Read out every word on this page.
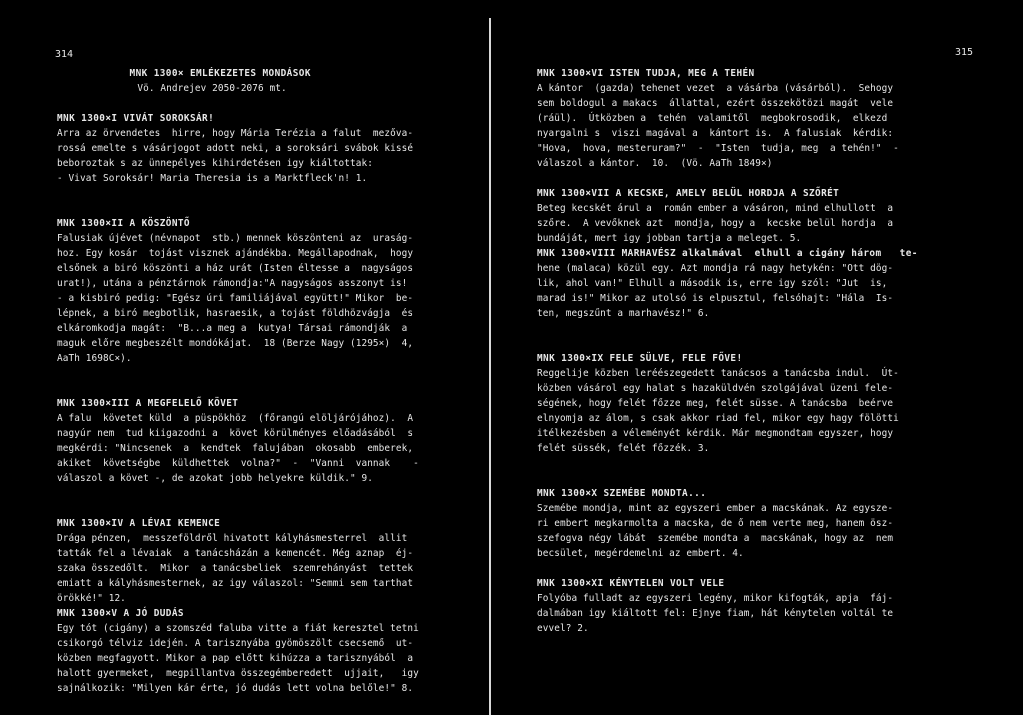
314	315
MNK 1300× EMLÉKEZETES MONDÁSOK
Vö. Andrejev 2050-2076 mt.
MNK 1300×I VIVÁT SOROKSÁR!
Arra az örvendetes  hirre, hogy Mária Terézia a falut  mezőva-
rossá emelte s vásárjogot adott neki, a soroksári svábok kissé
beboroztak s az ünnepélyes kihirdetésen igy kiáltottak:
- Vivat Soroksár! Maria Theresia is a Marktfleck'n! 1.
MNK 1300×II A KÖSZÖNTŐ
Falusiak újévet (névnapot  stb.) mennek köszönteni az  uraság-
hoz. Egy kosár  tojást visznek ajándékba. Megállapodnak,  hogy
elsőnek a biró köszönti a ház urát (Isten éltesse a  nagyságos
urat!), utána a pénztárnok rámondja:"A nagyságos asszonyt is!
- a kisbiró pedig: "Egész úri familiájával együtt!" Mikor  be-
lépnek, a biró megbotlik, hasraesik, a tojást földhözvágja  és
elkáromkodja magát:  "B...a meg a  kutya! Társai rámondják  a
maguk előre megbeszélt mondókájat.  18 (Berze Nagy (1295×)  4,
AaTh 1698C×).
MNK 1300×III A MEGFELELŐ KÖVET
A falu  követet küld  a püspökhöz  (főrangú elöljárójához).  A
nagyúr nem  tud kiigazodni a  követ körülményes előadásából  s
megkérdi: "Nincsenek  a  kendtek  falujában  okosabb  emberek,
akiket  követségbe  küldhettek  volna?"  -  "Vanni  vannak    -
válaszol a követ -, de azokat jobb helyekre küldik." 9.
MNK 1300×IV A LÉVAI KEMENCE
Drága pénzen,  messzeföldről hivatott kályhásmesterrel  allit
tatták fel a lévaiak  a tanácsházán a kemencét. Még aznap  éj-
szaka összedőlt.  Mikor  a tanácsbeliek  szemrehányást  tettek
emiatt a kályhásmesternek, az igy válaszol: "Semmi sem tarthat
örökké!" 12.
MNK 1300×V A JÓ DUDÁS
Egy tót (cigány) a szomszéd faluba vitte a fiát keresztel tetni
csikorgó télviz idején. A tarisznyába gyömöszölt csecsemő  ut-
közben megfagyott. Mikor a pap előtt kihúzza a tarisznyából  a
halott gyermeket,  megpillantva összegémberedett  ujjait,   igy
sajnálkozik: "Milyen kár érte, jó dudás lett volna belőle!" 8.
MNK 1300×VI ISTEN TUDJA, MEG A TEHÉN
A kántor  (gazda) tehenet vezet  a vásárba (vásárból).  Sehogy
sem boldogul a makacs  állattal, ezért összekötözi magát  vele
(ráül).  Útközben a  tehén  valamitől  megbokrosodik,  elkezd
nyargalni s  viszi magával a  kántort is.  A falusiak  kérdik:
"Hova,  hova, mesteruram?"  -  "Isten  tudja, meg  a tehén!"  -
válaszol a kántor.  10.  (Vö. AaTh 1849×)
MNK 1300×VII A KECSKE, AMELY BELÜL HORDJA A SZŐRÉT
Beteg kecskét árul a  román ember a vásáron, mind elhullott  a
szőre.  A vevőknek azt  mondja, hogy a  kecske belül hordja  a
bundáját, mert igy jobban tartja a meleget. 5.
MNK 1300×VIII MARHAVÉSZ alkalmával  elhull a cigány három   te-
hene (malaca) közül egy. Azt mondja rá nagy hetykén: "Ott dög-
lik, ahol van!" Elhull a második is, erre igy szól: "Jut  is,
marad is!" Mikor az utolsó is elpusztul, felsóhajt: "Hála  Is-
ten, megszűnt a marhavész!" 6.
MNK 1300×IX FELE SÜLVE, FELE FŐVE!
Reggelije közben leréészegedett tanácsos a tanácsba indul.  Út-
közben vásárol egy halat s hazaküldvén szolgájával üzeni fele-
ségének, hogy felét főzze meg, felét süsse. A tanácsba  beérve
elnyomja az álom, s csak akkor riad fel, mikor egy hagy fölötti
itélkezésben a véleményét kérdik. Már megmondtam egyszer, hogy
felét süssék, felét főzzék. 3.
MNK 1300×X SZEMÉBE MONDTA...
Szemébe mondja, mint az egyszeri ember a macskának. Az egysze-
ri embert megkarmolta a macska, de ő nem verte meg, hanem ösz-
szefogva négy lábát  szemébe mondta a  macskának, hogy az  nem
becsület, megérdemelni az embert. 4.
MNK 1300×XI KÉNYTELEN VOLT VELE
Folyóba fulladt az egyszeri legény, mikor kifogták, apja  fáj-
dalmában igy kiáltott fel: Ejnye fiam, hát kénytelen voltál te
evvel? 2.
